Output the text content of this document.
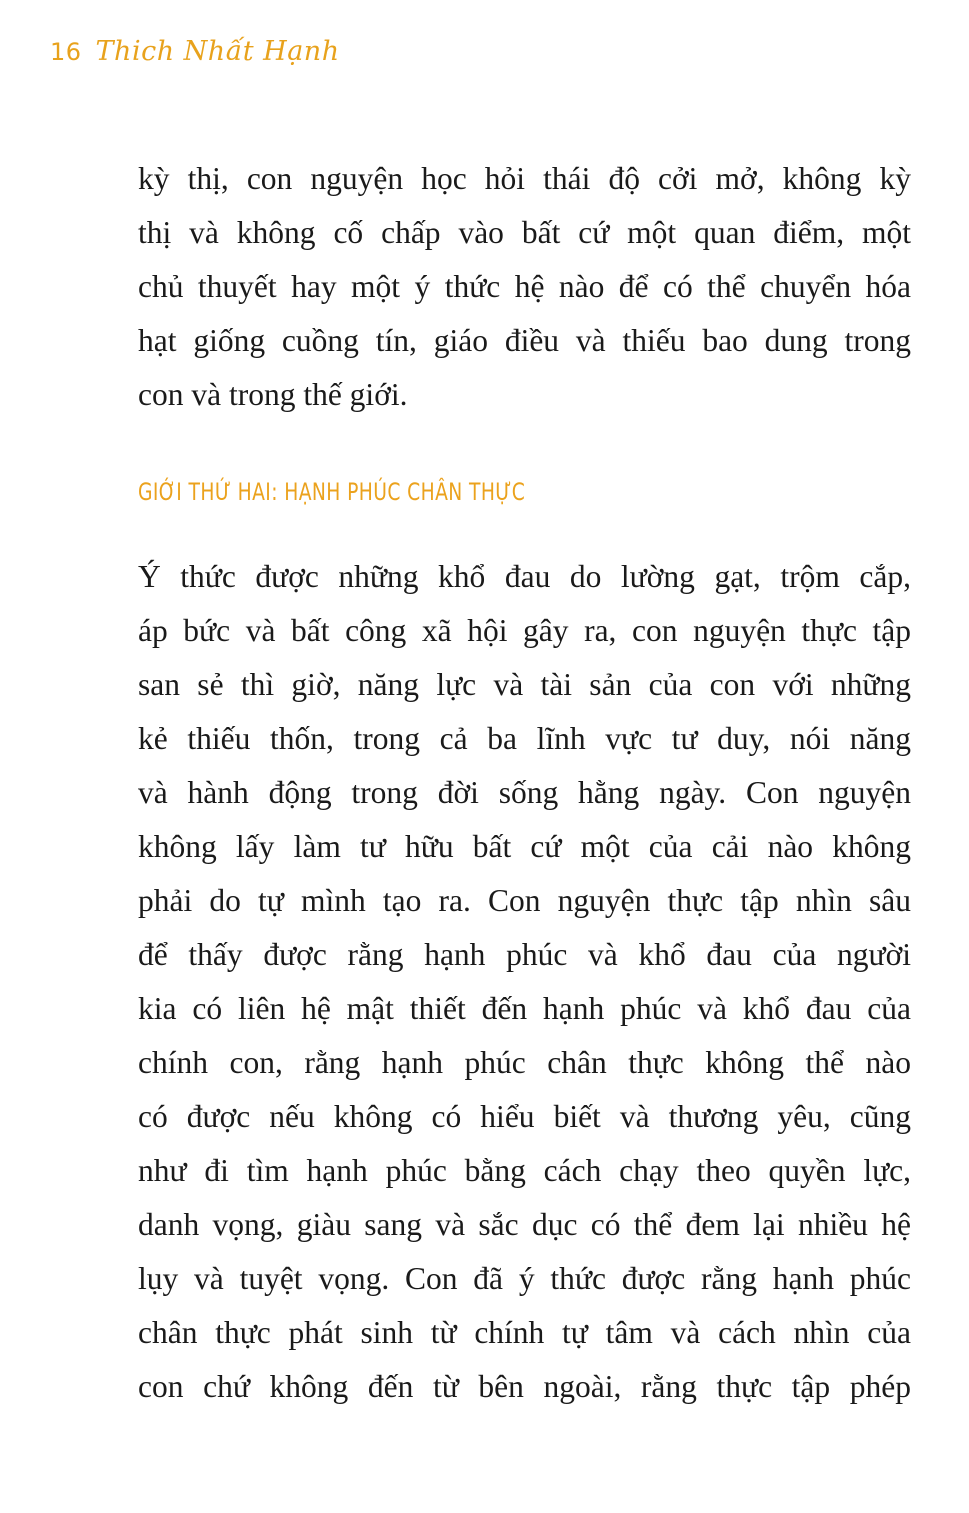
16 Thich Nhất Hạnh
kỳ thị, con nguyện học hỏi thái độ cởi mở, không kỳ
thị và không cố chấp vào bất cứ một quan điểm, một
chủ thuyết hay một ý thức hệ nào để có thể chuyển hóa
hạt giống cuồng tín, giáo điều và thiếu bao dung trong
con và trong thế giới.
GIỚI THỨ HAI: HẠNH PHÚC CHÂN THỰC
Ý thức được những khổ đau do lường gạt, trộm cắp,
áp bức và bất công xã hội gây ra, con nguyện thực tập
san sẻ thì giờ, năng lực và tài sản của con với những
kẻ thiếu thốn, trong cả ba lĩnh vực tư duy, nói năng
và hành động trong đời sống hằng ngày. Con nguyện
không lấy làm tư hữu bất cứ một của cải nào không
phải do tự mình tạo ra. Con nguyện thực tập nhìn sâu
để thấy được rằng hạnh phúc và khổ đau của người
kia có liên hệ mật thiết đến hạnh phúc và khổ đau của
chính con, rằng hạnh phúc chân thực không thể nào
có được nếu không có hiểu biết và thương yêu, cũng
như đi tìm hạnh phúc bằng cách chạy theo quyền lực,
danh vọng, giàu sang và sắc dục có thể đem lại nhiều hệ
lụy và tuyệt vọng. Con đã ý thức được rằng hạnh phúc
chân thực phát sinh từ chính tự tâm và cách nhìn của
con chứ không đến từ bên ngoài, rằng thực tập phép
